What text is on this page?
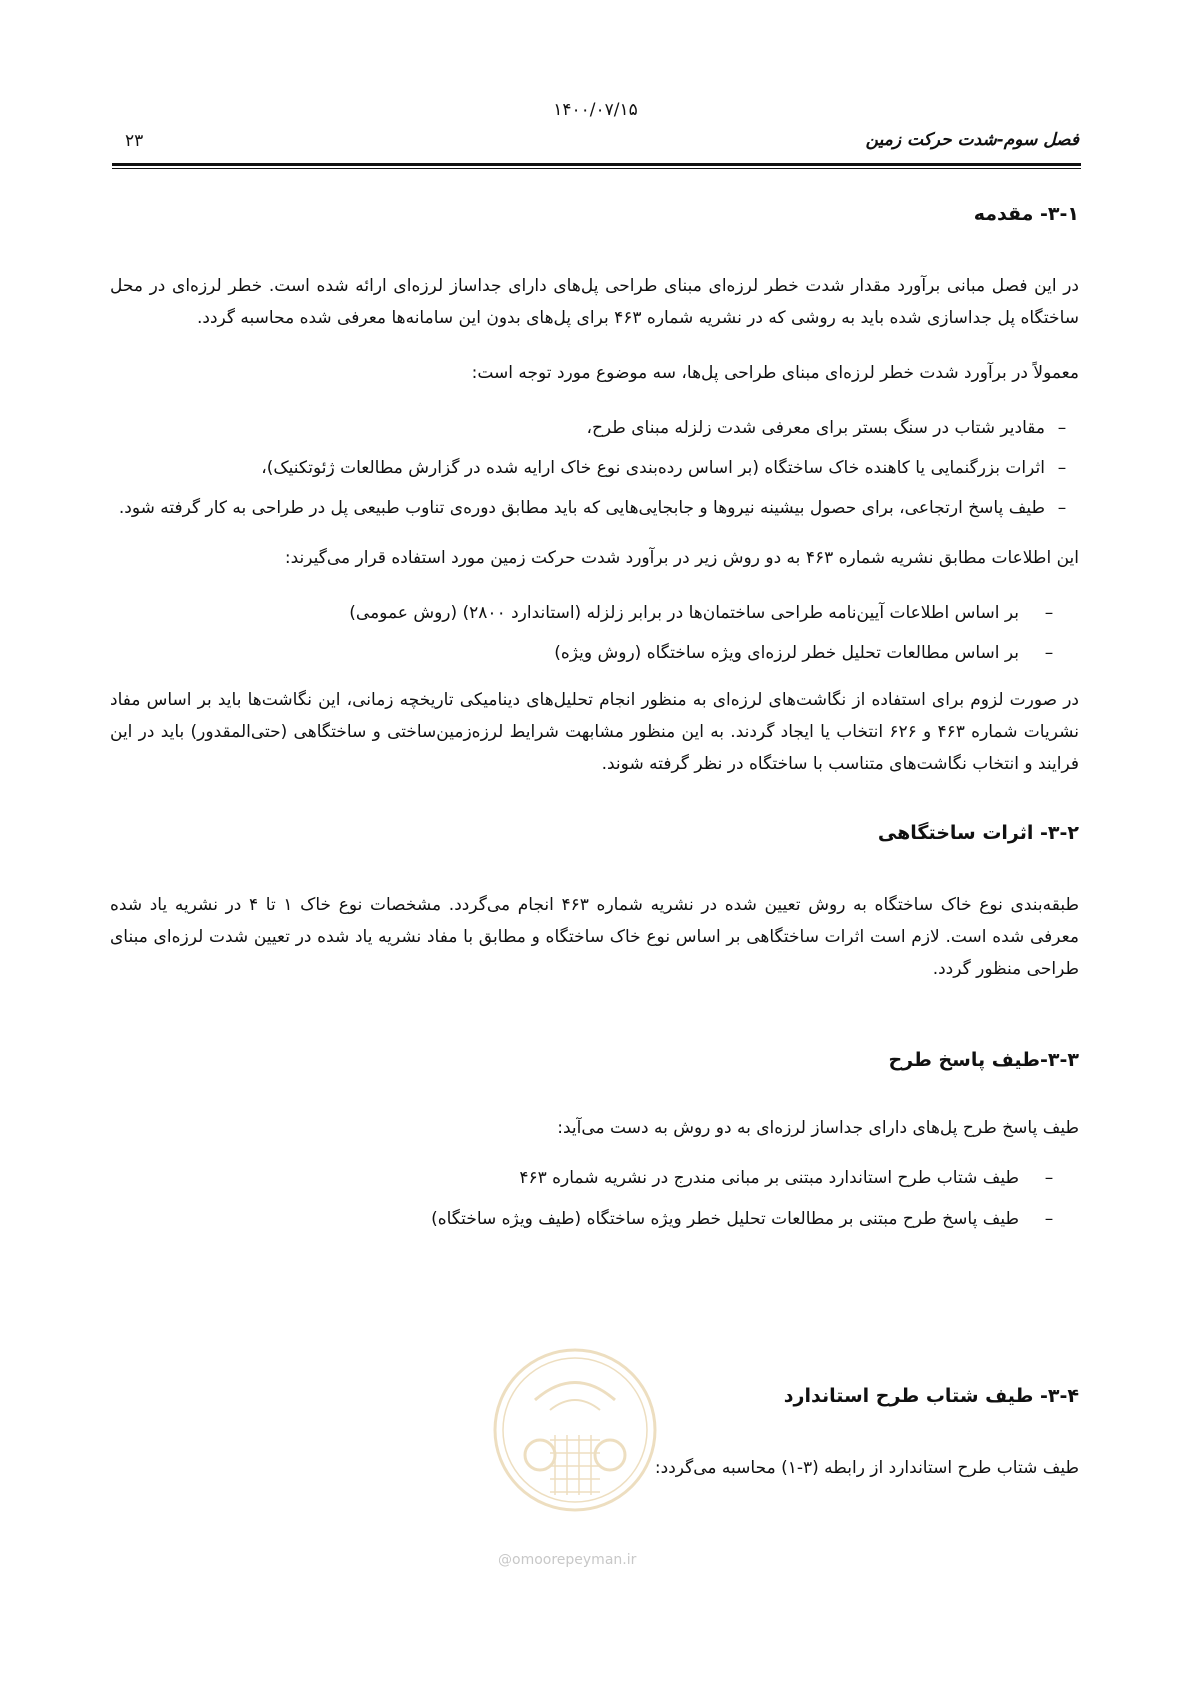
۱۴۰۰/۰۷/۱۵
فصل سوم-شدت حرکت زمین
۲۳
۳-۱- مقدمه
در این فصل مبانی برآورد مقدار شدت خطر لرزه‌ای مبنای طراحی پل‌های دارای جداساز لرزه‌ای ارائه شده است. خطر لرزه‌ای در محل ساختگاه پل جداسازی شده باید به روشی که در نشریه شماره ۴۶۳ برای پل‌های بدون این سامانه‌ها معرفی شده محاسبه گردد.
معمولاً در برآورد شدت خطر لرزه‌ای مبنای طراحی پل‌ها، سه موضوع مورد توجه است:
–مقادیر شتاب در سنگ بستر برای معرفی شدت زلزله مبنای طرح،
–اثرات بزرگنمایی یا کاهنده خاک ساختگاه (بر اساس رده‌بندی نوع خاک ارایه شده در گزارش مطالعات ژئوتکنیک)،
–طیف پاسخ ارتجاعی، برای حصول بیشینه نیروها و جابجایی‌هایی که باید مطابق دوره‌ی تناوب طبیعی پل در طراحی به کار گرفته شود.
این اطلاعات مطابق نشریه شماره ۴۶۳ به دو روش زیر در برآورد شدت حرکت زمین مورد استفاده قرار می‌گیرند:
–بر اساس اطلاعات آیین‌نامه طراحی ساختمان‌ها در برابر زلزله (استاندارد ۲۸۰۰) (روش عمومی)
–بر اساس مطالعات تحلیل خطر لرزه‌ای ویژه ساختگاه (روش ویژه)
در صورت لزوم برای استفاده از نگاشت‌های لرزه‌ای به منظور انجام تحلیل‌های دینامیکی تاریخچه زمانی، این نگاشت‌ها باید بر اساس مفاد نشریات شماره ۴۶۳ و ۶۲۶ انتخاب یا ایجاد گردند. به این منظور مشابهت شرایط لرزه‌زمین‌ساختی و ساختگاهی (حتی‌المقدور) باید در این فرایند و انتخاب نگاشت‌های متناسب با ساختگاه در نظر گرفته شوند.
۳-۲- اثرات ساختگاهی
طبقه‌بندی نوع خاک ساختگاه به روش تعیین شده در نشریه شماره ۴۶۳ انجام می‌گردد. مشخصات نوع خاک ۱ تا ۴ در نشریه یاد شده معرفی شده است. لازم است اثرات ساختگاهی بر اساس نوع خاک ساختگاه و مطابق با مفاد نشریه یاد شده در تعیین شدت لرزه‌ای مبنای طراحی منظور گردد.
۳-۳-طیف پاسخ طرح
طیف پاسخ طرح پل‌های دارای جداساز لرزه‌ای به دو روش به دست می‌آید:
–طیف شتاب طرح استاندارد مبتنی بر مبانی مندرج در نشریه شماره ۴۶۳
–طیف پاسخ طرح مبتنی بر مطالعات تحلیل خطر ویژه ساختگاه (طیف ویژه ساختگاه)
@omoorepeyman.ir
۳-۴- طیف شتاب طرح استاندارد
طیف شتاب طرح استاندارد از رابطه (۳-۱) محاسبه می‌گردد:
